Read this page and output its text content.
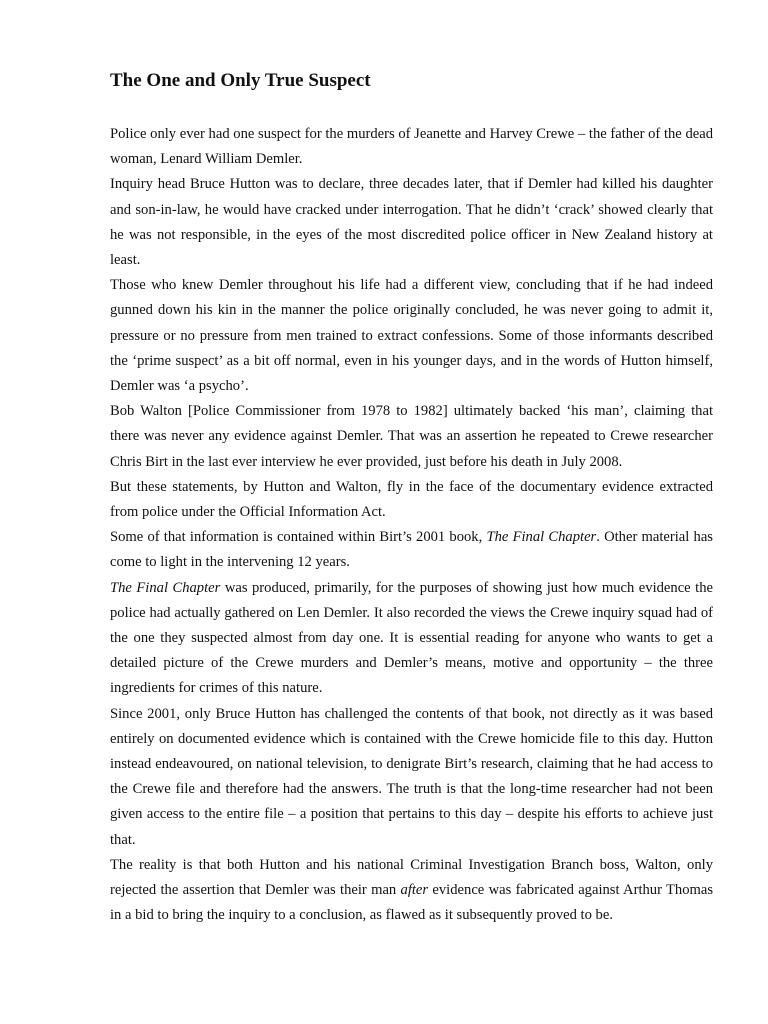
The One and Only True Suspect

Police only ever had one suspect for the murders of Jeanette and Harvey Crewe – the father of the dead woman, Lenard William Demler.

Inquiry head Bruce Hutton was to declare, three decades later, that if Demler had killed his daughter and son-in-law, he would have cracked under interrogation. That he didn’t ‘crack’ showed clearly that he was not responsible, in the eyes of the most discredited police officer in New Zealand history at least.

Those who knew Demler throughout his life had a different view, concluding that if he had indeed gunned down his kin in the manner the police originally concluded, he was never going to admit it, pressure or no pressure from men trained to extract confessions. Some of those informants described the ‘prime suspect’ as a bit off normal, even in his younger days, and in the words of Hutton himself, Demler was ‘a psycho’.

Bob Walton [Police Commissioner from 1978 to 1982] ultimately backed ‘his man’, claiming that there was never any evidence against Demler. That was an assertion he repeated to Crewe researcher Chris Birt in the last ever interview he ever provided, just before his death in July 2008.

But these statements, by Hutton and Walton, fly in the face of the documentary evidence extracted from police under the Official Information Act.

Some of that information is contained within Birt’s 2001 book, The Final Chapter. Other material has come to light in the intervening 12 years.

The Final Chapter was produced, primarily, for the purposes of showing just how much evidence the police had actually gathered on Len Demler. It also recorded the views the Crewe inquiry squad had of the one they suspected almost from day one. It is essential reading for anyone who wants to get a detailed picture of the Crewe murders and Demler’s means, motive and opportunity – the three ingredients for crimes of this nature.

Since 2001, only Bruce Hutton has challenged the contents of that book, not directly as it was based entirely on documented evidence which is contained with the Crewe homicide file to this day. Hutton instead endeavoured, on national television, to denigrate Birt’s research, claiming that he had access to the Crewe file and therefore had the answers. The truth is that the long-time researcher had not been given access to the entire file – a position that pertains to this day – despite his efforts to achieve just that.

The reality is that both Hutton and his national Criminal Investigation Branch boss, Walton, only rejected the assertion that Demler was their man after evidence was fabricated against Arthur Thomas in a bid to bring the inquiry to a conclusion, as flawed as it subsequently proved to be.
